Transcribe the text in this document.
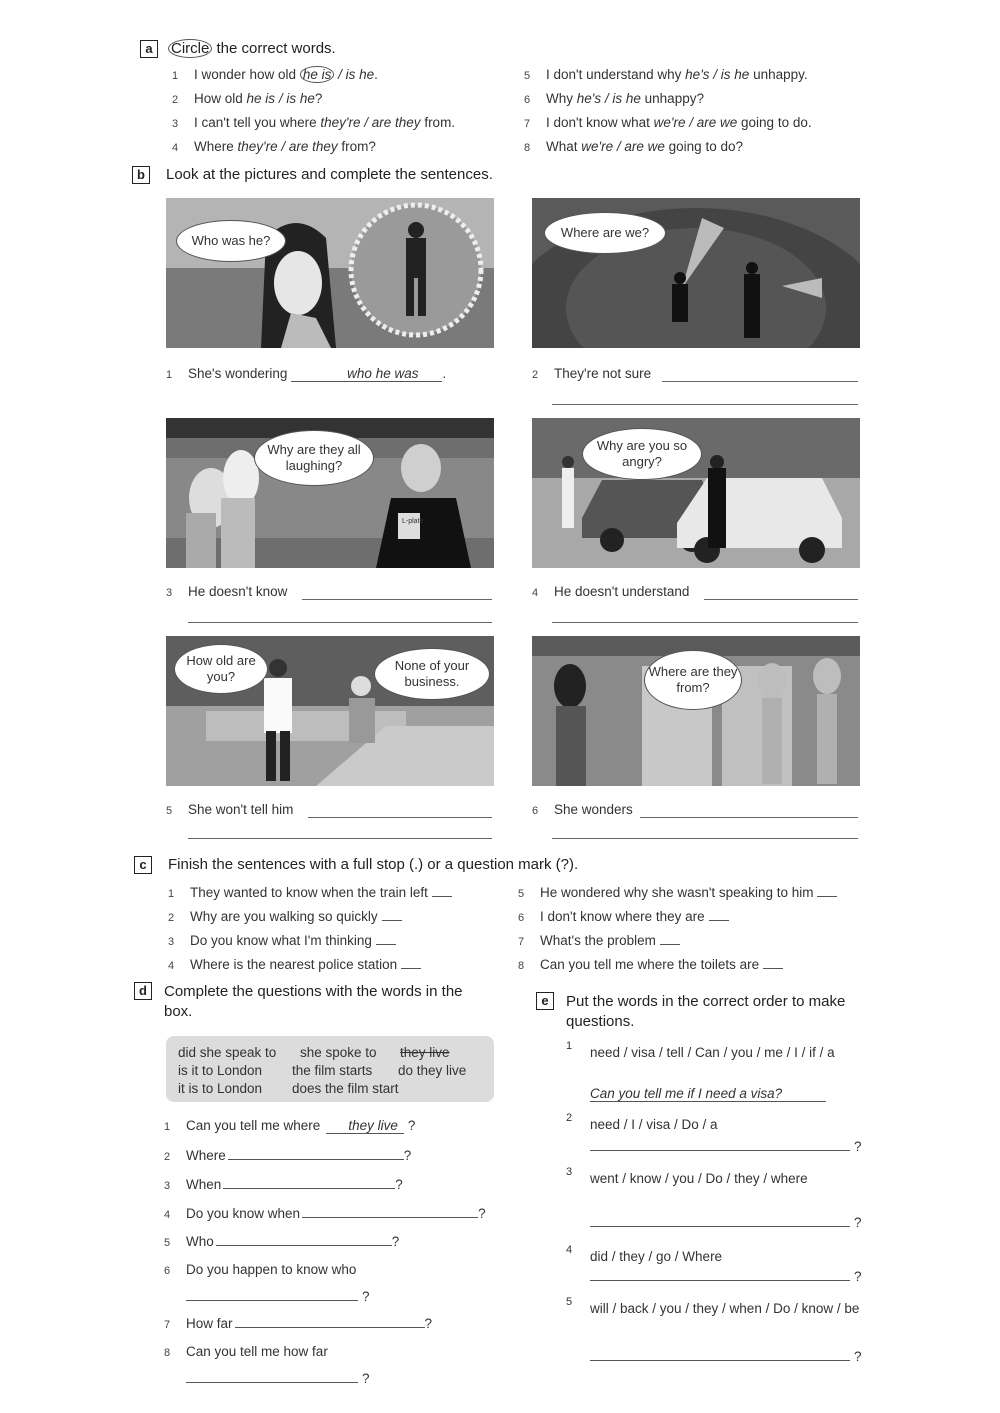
a	Circle the correct words.
1 I wonder how old he is / is he.
2 How old he is / is he?
3 I can't tell you where they're / are they from.
4 Where they're / are they from?
5 I don't understand why he's / is he unhappy.
6 Why he's / is he unhappy?
7 I don't know what we're / are we going to do.
8 What we're / are we going to do?
b	Look at the pictures and complete the sentences.
Who was he?
Where are we?
1 She's wondering	who he was .	2 They're not sure
Why are they all laughing?
L-plate
Why are you so angry?
3 He doesn't know	4 He doesn't understand
How old are you?
None of your business.
Where are they from?
5 She won't tell him	6 She wonders
c	Finish the sentences with a full stop (.) or a question mark (?).
1 They wanted to know when the train left
2 Why are you walking so quickly
3 Do you know what I'm thinking
4 Where is the nearest police station
5 He wondered why she wasn't speaking to him
6 I don't know where they are
7 What's the problem
8 Can you tell me where the toilets are
d	Complete the questions with the words in the box.
did she speak to she spoke to they live
is it to London the film starts do they live
it is to London does the film start
1 Can you tell me where they live ?
2 Where	?
3 When	?
4 Do you know when	?
5 Who	?
6 Do you happen to know who
?
7 How far	?
8 Can you tell me how far
?
e	Put the words in the correct order to make questions.
1 need / visa / tell / Can / you / me / I / if / a
Can you tell me if I need a visa?
2 need / I / visa / Do / a
?
3 went / know / you / Do / they / where
?
4 did / they / go / Where
?
5 will / back / you / they / when / Do / know / be
?
